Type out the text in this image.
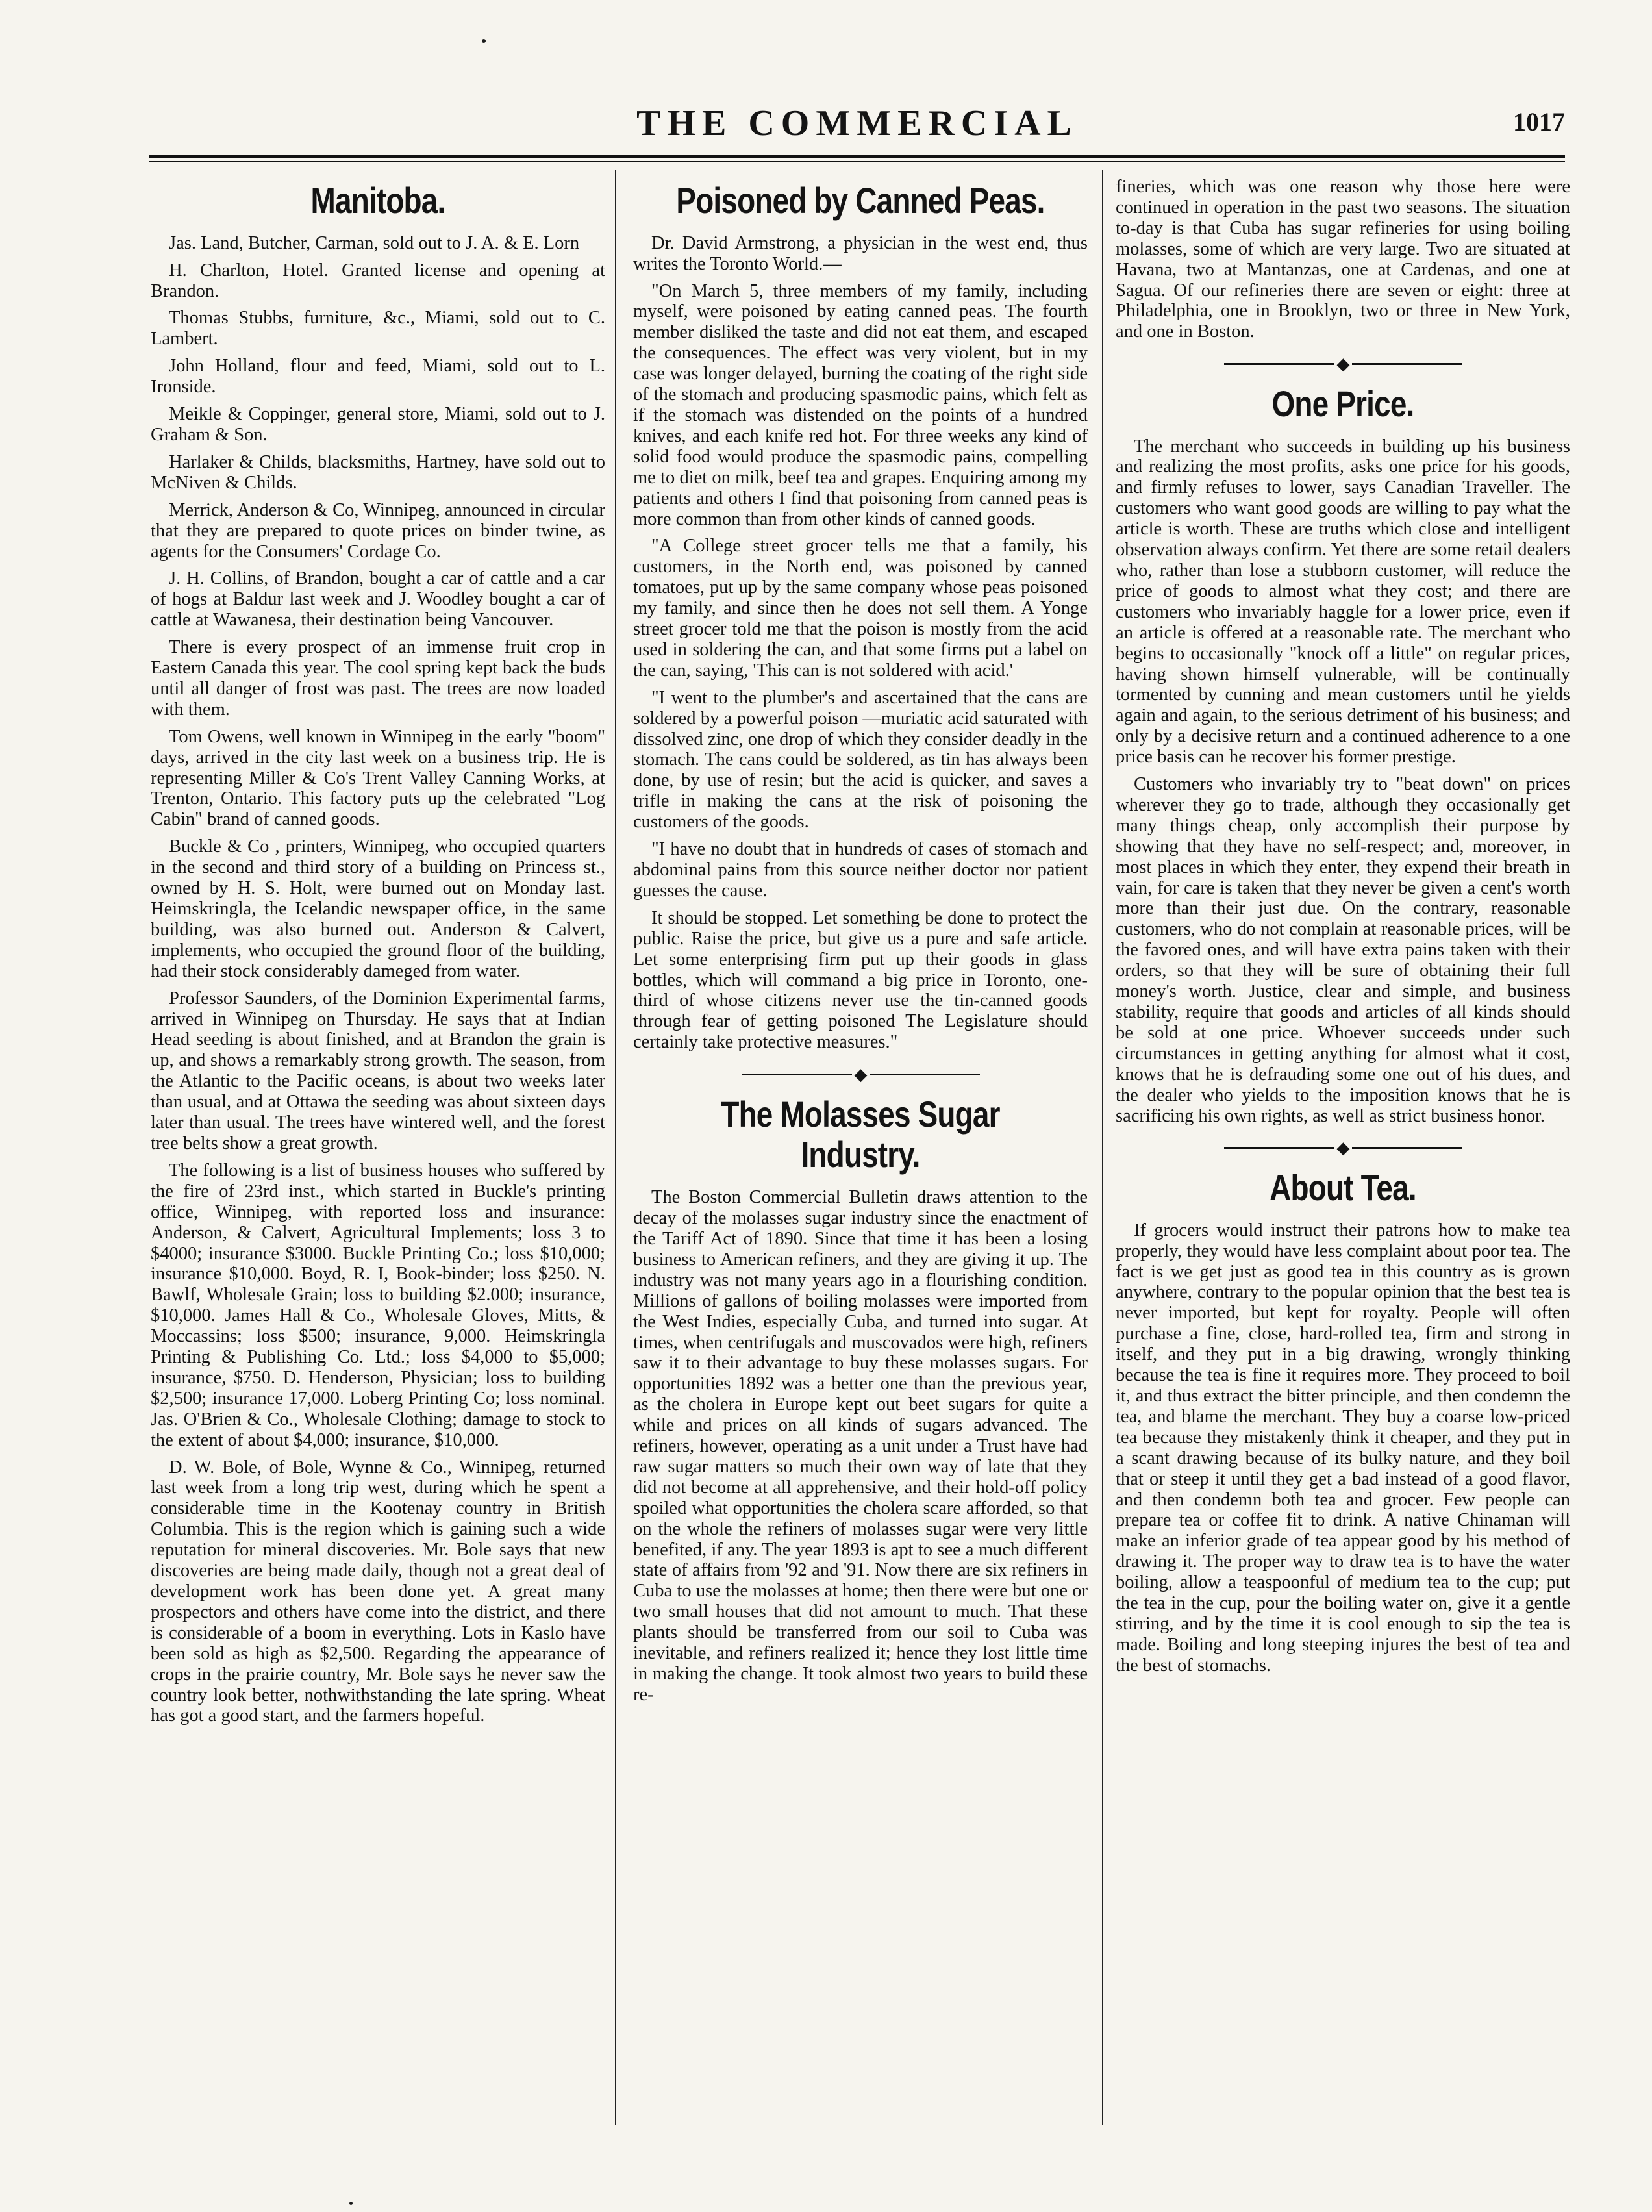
THE COMMERCIAL	1017
Manitoba.

Jas. Land, Butcher, Carman, sold out to J. A. & E. Lorn

H. Charlton, Hotel. Granted license and opening at Brandon.

Thomas Stubbs, furniture, &c., Miami, sold out to C. Lambert.

John Holland, flour and feed, Miami, sold out to L. Ironside.

Meikle & Coppinger, general store, Miami, sold out to J. Graham & Son.

Harlaker & Childs, blacksmiths, Hartney, have sold out to McNiven & Childs.

Merrick, Anderson & Co, Winnipeg, announced in circular that they are prepared to quote prices on binder twine, as agents for the Consumers' Cordage Co.

J. H. Collins, of Brandon, bought a car of cattle and a car of hogs at Baldur last week and J. Woodley bought a car of cattle at Wawanesa, their destination being Vancouver.

There is every prospect of an immense fruit crop in Eastern Canada this year. The cool spring kept back the buds until all danger of frost was past. The trees are now loaded with them.

Tom Owens, well known in Winnipeg in the early "boom" days, arrived in the city last week on a business trip. He is representing Miller & Co's Trent Valley Canning Works, at Trenton, Ontario. This factory puts up the celebrated "Log Cabin" brand of canned goods.

Buckle & Co , printers, Winnipeg, who occupied quarters in the second and third story of a building on Princess st., owned by H. S. Holt, were burned out on Monday last. Heimskringla, the Icelandic newspaper office, in the same building, was also burned out. Anderson & Calvert, implements, who occupied the ground floor of the building, had their stock considerably dameged from water.

Professor Saunders, of the Dominion Experimental farms, arrived in Winnipeg on Thursday. He says that at Indian Head seeding is about finished, and at Brandon the grain is up, and shows a remarkably strong growth. The season, from the Atlantic to the Pacific oceans, is about two weeks later than usual, and at Ottawa the seeding was about sixteen days later than usual. The trees have wintered well, and the forest tree belts show a great growth.

The following is a list of business houses who suffered by the fire of 23rd inst., which started in Buckle's printing office, Winnipeg, with reported loss and insurance: Anderson, & Calvert, Agricultural Implements; loss 3 to $4000; insurance $3000. Buckle Printing Co.; loss $10,000; insurance $10,000. Boyd, R. I, Book-binder; loss $250. N. Bawlf, Wholesale Grain; loss to building $2.000; insurance, $10,000. James Hall & Co., Wholesale Gloves, Mitts, & Moccassins; loss $500; insurance, 9,000. Heimskringla Printing & Publishing Co. Ltd.; loss $4,000 to $5,000; insurance, $750. D. Henderson, Physician; loss to building $2,500; insurance 17,000. Loberg Printing Co; loss nominal. Jas. O'Brien & Co., Wholesale Clothing; damage to stock to the extent of about $4,000; insurance, $10,000.

D. W. Bole, of Bole, Wynne & Co., Winnipeg, returned last week from a long trip west, during which he spent a considerable time in the Kootenay country in British Columbia. This is the region which is gaining such a wide reputation for mineral discoveries. Mr. Bole says that new discoveries are being made daily, though not a great deal of development work has been done yet. A great many prospectors and others have come into the district, and there is considerable of a boom in everything. Lots in Kaslo have been sold as high as $2,500. Regarding the appearance of crops in the prairie country, Mr. Bole says he never saw the country look better, nothwithstanding the late spring. Wheat has got a good start, and the farmers hopeful.

Poisoned by Canned Peas.

Dr. David Armstrong, a physician in the west end, thus writes the Toronto World.—

"On March 5, three members of my family, including myself, were poisoned by eating canned peas. The fourth member disliked the taste and did not eat them, and escaped the consequences. The effect was very violent, but in my case was longer delayed, burning the coating of the right side of the stomach and producing spasmodic pains, which felt as if the stomach was distended on the points of a hundred knives, and each knife red hot. For three weeks any kind of solid food would produce the spasmodic pains, compelling me to diet on milk, beef tea and grapes. Enquiring among my patients and others I find that poisoning from canned peas is more common than from other kinds of canned goods.

"A College street grocer tells me that a family, his customers, in the North end, was poisoned by canned tomatoes, put up by the same company whose peas poisoned my family, and since then he does not sell them. A Yonge street grocer told me that the poison is mostly from the acid used in soldering the can, and that some firms put a label on the can, saying, 'This can is not soldered with acid.'

"I went to the plumber's and ascertained that the cans are soldered by a powerful poison —muriatic acid saturated with dissolved zinc, one drop of which they consider deadly in the stomach. The cans could be soldered, as tin has always been done, by use of resin; but the acid is quicker, and saves a trifle in making the cans at the risk of poisoning the customers of the goods.

"I have no doubt that in hundreds of cases of stomach and abdominal pains from this source neither doctor nor patient guesses the cause.

It should be stopped. Let something be done to protect the public. Raise the price, but give us a pure and safe article. Let some enterprising firm put up their goods in glass bottles, which will command a big price in Toronto, one-third of whose citizens never use the tin-canned goods through fear of getting poisoned The Legislature should certainly take protective measures."

◆
The Molasses Sugar Industry.

The Boston Commercial Bulletin draws attention to the decay of the molasses sugar industry since the enactment of the Tariff Act of 1890. Since that time it has been a losing business to American refiners, and they are giving it up. The industry was not many years ago in a flourishing condition. Millions of gallons of boiling molasses were imported from the West Indies, especially Cuba, and turned into sugar. At times, when centrifugals and muscovados were high, refiners saw it to their advantage to buy these molasses sugars. For opportunities 1892 was a better one than the previous year, as the cholera in Europe kept out beet sugars for quite a while and prices on all kinds of sugars advanced. The refiners, however, operating as a unit under a Trust have had raw sugar matters so much their own way of late that they did not become at all apprehensive, and their hold-off policy spoiled what opportunities the cholera scare afforded, so that on the whole the refiners of molasses sugar were very little benefited, if any. The year 1893 is apt to see a much different state of affairs from '92 and '91. Now there are six refiners in Cuba to use the molasses at home; then there were but one or two small houses that did not amount to much. That these plants should be transferred from our soil to Cuba was inevitable, and refiners realized it; hence they lost little time in making the change. It took almost two years to build these re-

fineries, which was one reason why those here were continued in operation in the past two seasons. The situation to-day is that Cuba has sugar refineries for using boiling molasses, some of which are very large. Two are situated at Havana, two at Mantanzas, one at Cardenas, and one at Sagua. Of our refineries there are seven or eight: three at Philadelphia, one in Brooklyn, two or three in New York, and one in Boston.

◆
One Price.

The merchant who succeeds in building up his business and realizing the most profits, asks one price for his goods, and firmly refuses to lower, says Canadian Traveller. The customers who want good goods are willing to pay what the article is worth. These are truths which close and intelligent observation always confirm. Yet there are some retail dealers who, rather than lose a stubborn customer, will reduce the price of goods to almost what they cost; and there are customers who invariably haggle for a lower price, even if an article is offered at a reasonable rate. The merchant who begins to occasionally "knock off a little" on regular prices, having shown himself vulnerable, will be continually tormented by cunning and mean customers until he yields again and again, to the serious detriment of his business; and only by a decisive return and a continued adherence to a one price basis can he recover his former prestige.

Customers who invariably try to "beat down" on prices wherever they go to trade, although they occasionally get many things cheap, only accomplish their purpose by showing that they have no self-respect; and, moreover, in most places in which they enter, they expend their breath in vain, for care is taken that they never be given a cent's worth more than their just due. On the contrary, reasonable customers, who do not complain at reasonable prices, will be the favored ones, and will have extra pains taken with their orders, so that they will be sure of obtaining their full money's worth. Justice, clear and simple, and business stability, require that goods and articles of all kinds should be sold at one price. Whoever succeeds under such circumstances in getting anything for almost what it cost, knows that he is defrauding some one out of his dues, and the dealer who yields to the imposition knows that he is sacrificing his own rights, as well as strict business honor.

◆
About Tea.

If grocers would instruct their patrons how to make tea properly, they would have less complaint about poor tea. The fact is we get just as good tea in this country as is grown anywhere, contrary to the popular opinion that the best tea is never imported, but kept for royalty. People will often purchase a fine, close, hard-rolled tea, firm and strong in itself, and they put in a big drawing, wrongly thinking because the tea is fine it requires more. They proceed to boil it, and thus extract the bitter principle, and then condemn the tea, and blame the merchant. They buy a coarse low-priced tea because they mistakenly think it cheaper, and they put in a scant drawing because of its bulky nature, and they boil that or steep it until they get a bad instead of a good flavor, and then condemn both tea and grocer. Few people can prepare tea or coffee fit to drink. A native Chinaman will make an inferior grade of tea appear good by his method of drawing it. The proper way to draw tea is to have the water boiling, allow a teaspoonful of medium tea to the cup; put the tea in the cup, pour the boiling water on, give it a gentle stirring, and by the time it is cool enough to sip the tea is made. Boiling and long steeping injures the best of tea and the best of stomachs.
